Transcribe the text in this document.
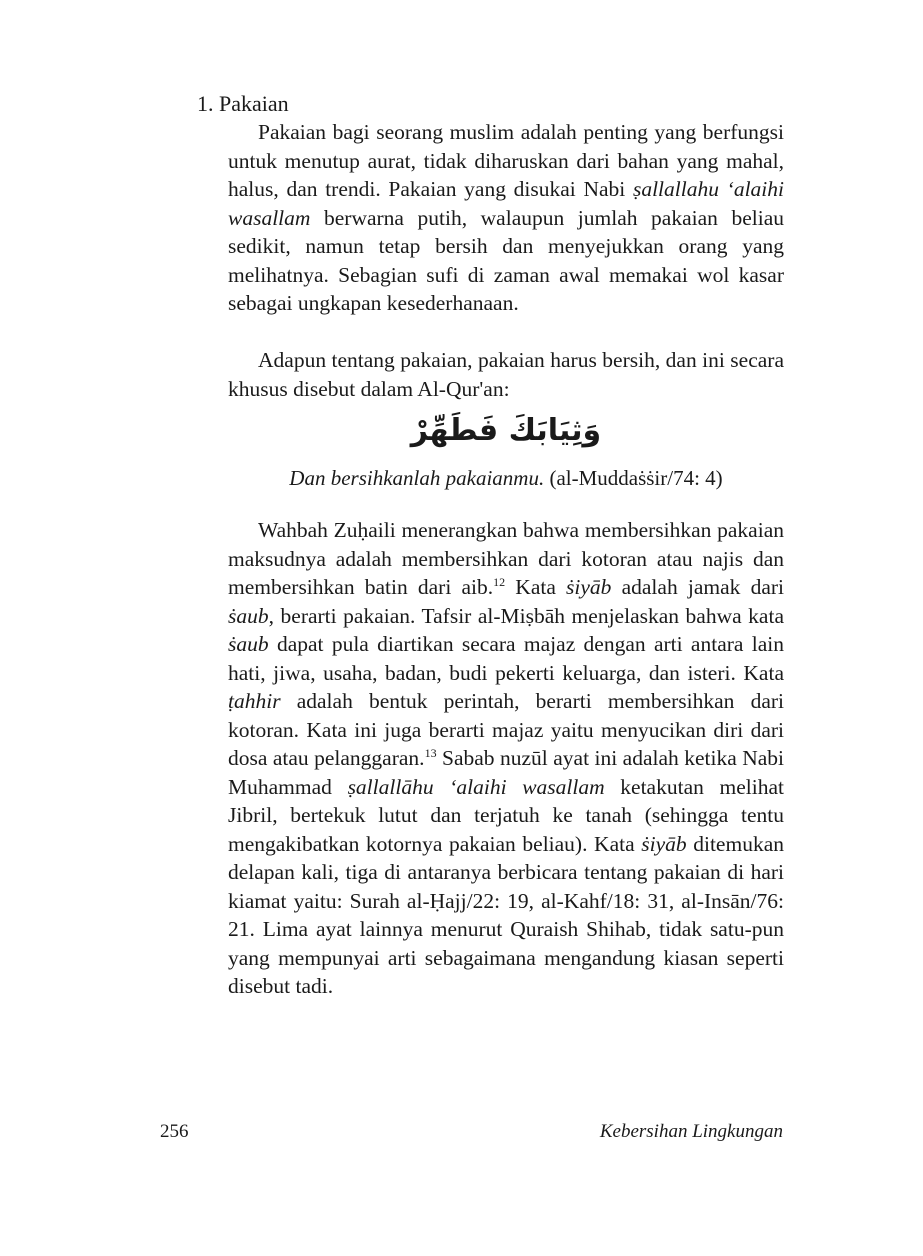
1. Pakaian

Pakaian bagi seorang muslim adalah penting yang berfungsi untuk menutup aurat, tidak diharuskan dari bahan yang mahal, halus, dan trendi. Pakaian yang disukai Nabi ṣallallahu ‘alaihi wasallam berwarna putih, walaupun jumlah pakaian beliau sedikit, namun tetap bersih dan menyejukkan orang yang melihatnya. Sebagian sufi di zaman awal memakai wol kasar sebagai ungkapan kesederhanaan.

Adapun tentang pakaian, pakaian harus bersih, dan ini secara khusus disebut dalam Al-Qur'an:

وَثِيَابَكَ فَطَهِّرْ

Dan bersihkanlah pakaianmu. (al-Muddaṡṡir/74: 4)

Wahbah Zuḥaili menerangkan bahwa membersihkan pakaian maksudnya adalah membersihkan dari kotoran atau najis dan membersihkan batin dari aib.$^{12}$ Kata ṡiyāb adalah jamak dari ṡaub, berarti pakaian. Tafsir al-Miṣbāh menjelaskan bahwa kata ṡaub dapat pula diartikan secara majaz dengan arti antara lain hati, jiwa, usaha, badan, budi pekerti keluarga, dan isteri. Kata ṭahhir adalah bentuk perintah, berarti membersihkan dari kotoran. Kata ini juga berarti majaz yaitu menyucikan diri dari dosa atau pelanggaran.$^{13}$ Sabab nuzūl ayat ini adalah ketika Nabi Muhammad ṣallallāhu ‘alaihi wasallam ketakutan melihat Jibril, bertekuk lutut dan terjatuh ke tanah (sehingga tentu mengakibatkan kotornya pakaian beliau). Kata ṡiyāb ditemukan delapan kali, tiga di antaranya berbicara tentang pakaian di hari kiamat yaitu: Surah al-Ḥajj/22: 19, al-Kahf/18: 31, al-Insān/76: 21. Lima ayat lainnya menurut Quraish Shihab, tidak satu-pun yang mempunyai arti sebagaimana mengandung kiasan seperti disebut tadi.

256	Kebersihan Lingkungan
